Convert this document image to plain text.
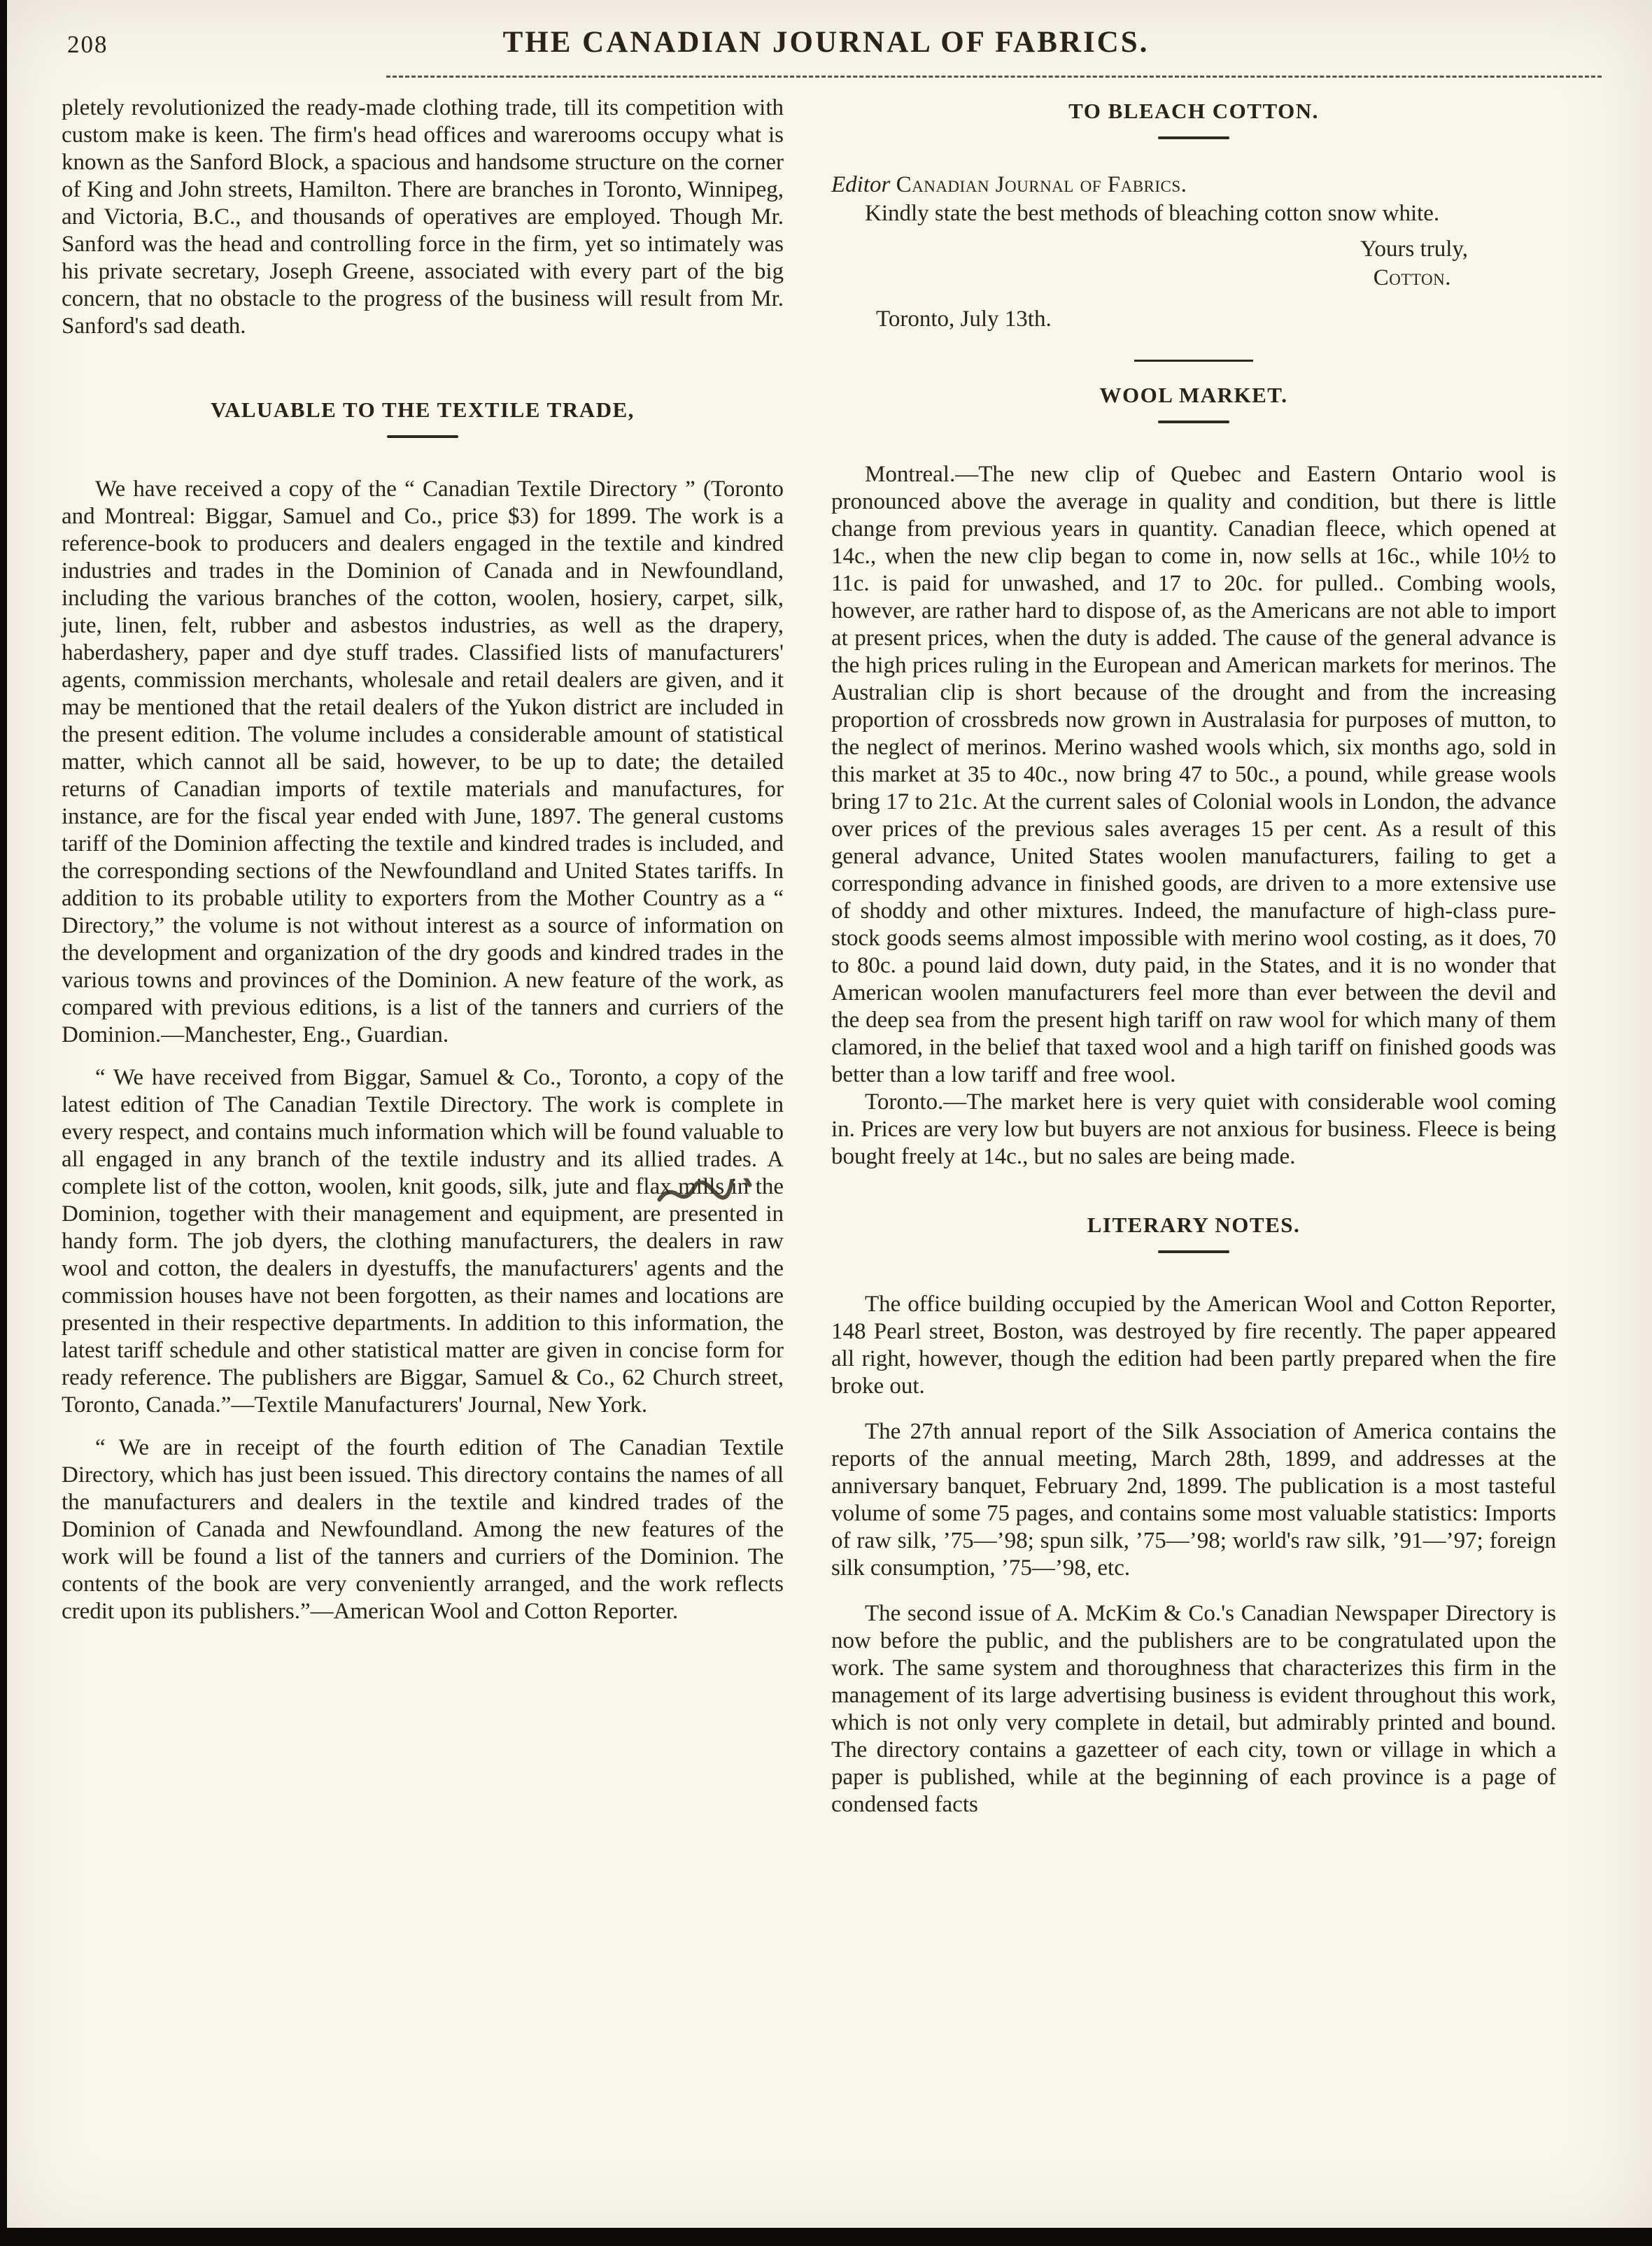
208	THE CANADIAN JOURNAL OF FABRICS.

pletely revolutionized the ready-made clothing trade, till its competition with custom make is keen. The firm's head offices and warerooms occupy what is known as the Sanford Block, a spacious and handsome structure on the corner of King and John streets, Hamilton. There are branches in Toronto, Winnipeg, and Victoria, B.C., and thousands of operatives are employed. Though Mr. Sanford was the head and controlling force in the firm, yet so intimately was his private secretary, Joseph Greene, associated with every part of the big concern, that no obstacle to the progress of the business will result from Mr. Sanford's sad death.

VALUABLE TO THE TEXTILE TRADE,

We have received a copy of the “ Canadian Textile Directory ” (Toronto and Montreal: Biggar, Samuel and Co., price $3) for 1899. The work is a reference-book to producers and dealers engaged in the textile and kindred industries and trades in the Dominion of Canada and in Newfoundland, including the various branches of the cotton, woolen, hosiery, carpet, silk, jute, linen, felt, rubber and asbestos industries, as well as the drapery, haberdashery, paper and dye stuff trades. Classified lists of manufacturers' agents, commission merchants, wholesale and retail dealers are given, and it may be mentioned that the retail dealers of the Yukon district are included in the present edition. The volume includes a considerable amount of statistical matter, which cannot all be said, however, to be up to date; the detailed returns of Canadian imports of textile materials and manufactures, for instance, are for the fiscal year ended with June, 1897. The general customs tariff of the Dominion affecting the textile and kindred trades is included, and the corresponding sections of the Newfoundland and United States tariffs. In addition to its probable utility to exporters from the Mother Country as a “ Directory,” the volume is not without interest as a source of information on the development and organization of the dry goods and kindred trades in the various towns and provinces of the Dominion. A new feature of the work, as compared with previous editions, is a list of the tanners and curriers of the Dominion.—Manchester, Eng., Guardian.

“ We have received from Biggar, Samuel & Co., Toronto, a copy of the latest edition of The Canadian Textile Directory. The work is complete in every respect, and contains much information which will be found valuable to all engaged in any branch of the textile industry and its allied trades. A complete list of the cotton, woolen, knit goods, silk, jute and flax mills in the Dominion, together with their management and equipment, are presented in handy form. The job dyers, the clothing manufacturers, the dealers in raw wool and cotton, the dealers in dyestuffs, the manufacturers' agents and the commission houses have not been forgotten, as their names and locations are presented in their respective departments. In addition to this information, the latest tariff schedule and other statistical matter are given in concise form for ready reference. The publishers are Biggar, Samuel & Co., 62 Church street, Toronto, Canada.”—Textile Manufacturers' Journal, New York.

“ We are in receipt of the fourth edition of The Canadian Textile Directory, which has just been issued. This directory contains the names of all the manufacturers and dealers in the textile and kindred trades of the Dominion of Canada and Newfoundland. Among the new features of the work will be found a list of the tanners and curriers of the Dominion. The contents of the book are very conveniently arranged, and the work reflects credit upon its publishers.”—American Wool and Cotton Reporter.

TO BLEACH COTTON.

Editor Canadian Journal of Fabrics.

Kindly state the best methods of bleaching cotton snow white.

Yours truly,

Cotton.

Toronto, July 13th.

WOOL MARKET.

Montreal.—The new clip of Quebec and Eastern Ontario wool is pronounced above the average in quality and condition, but there is little change from previous years in quantity. Canadian fleece, which opened at 14c., when the new clip began to come in, now sells at 16c., while 10½ to 11c. is paid for unwashed, and 17 to 20c. for pulled.. Combing wools, however, are rather hard to dispose of, as the Americans are not able to import at present prices, when the duty is added. The cause of the general advance is the high prices ruling in the European and American markets for merinos. The Australian clip is short because of the drought and from the increasing proportion of crossbreds now grown in Australasia for purposes of mutton, to the neglect of merinos. Merino washed wools which, six months ago, sold in this market at 35 to 40c., now bring 47 to 50c., a pound, while grease wools bring 17 to 21c. At the current sales of Colonial wools in London, the advance over prices of the previous sales averages 15 per cent. As a result of this general advance, United States woolen manufacturers, failing to get a corresponding advance in finished goods, are driven to a more extensive use of shoddy and other mixtures. Indeed, the manufacture of high-class pure-stock goods seems almost impossible with merino wool costing, as it does, 70 to 80c. a pound laid down, duty paid, in the States, and it is no wonder that American woolen manufacturers feel more than ever between the devil and the deep sea from the present high tariff on raw wool for which many of them clamored, in the belief that taxed wool and a high tariff on finished goods was better than a low tariff and free wool.

Toronto.—The market here is very quiet with considerable wool coming in. Prices are very low but buyers are not anxious for business. Fleece is being bought freely at 14c., but no sales are being made.

LITERARY NOTES.

The office building occupied by the American Wool and Cotton Reporter, 148 Pearl street, Boston, was destroyed by fire recently. The paper appeared all right, however, though the edition had been partly prepared when the fire broke out.

The 27th annual report of the Silk Association of America contains the reports of the annual meeting, March 28th, 1899, and addresses at the anniversary banquet, February 2nd, 1899. The publication is a most tasteful volume of some 75 pages, and contains some most valuable statistics: Imports of raw silk, ’75—’98; spun silk, ’75—’98; world's raw silk, ’91—’97; foreign silk consumption, ’75—’98, etc.

The second issue of A. McKim & Co.'s Canadian Newspaper Directory is now before the public, and the publishers are to be congratulated upon the work. The same system and thoroughness that characterizes this firm in the management of its large advertising business is evident throughout this work, which is not only very complete in detail, but admirably printed and bound. The directory contains a gazetteer of each city, town or village in which a paper is published, while at the beginning of each province is a page of condensed facts
